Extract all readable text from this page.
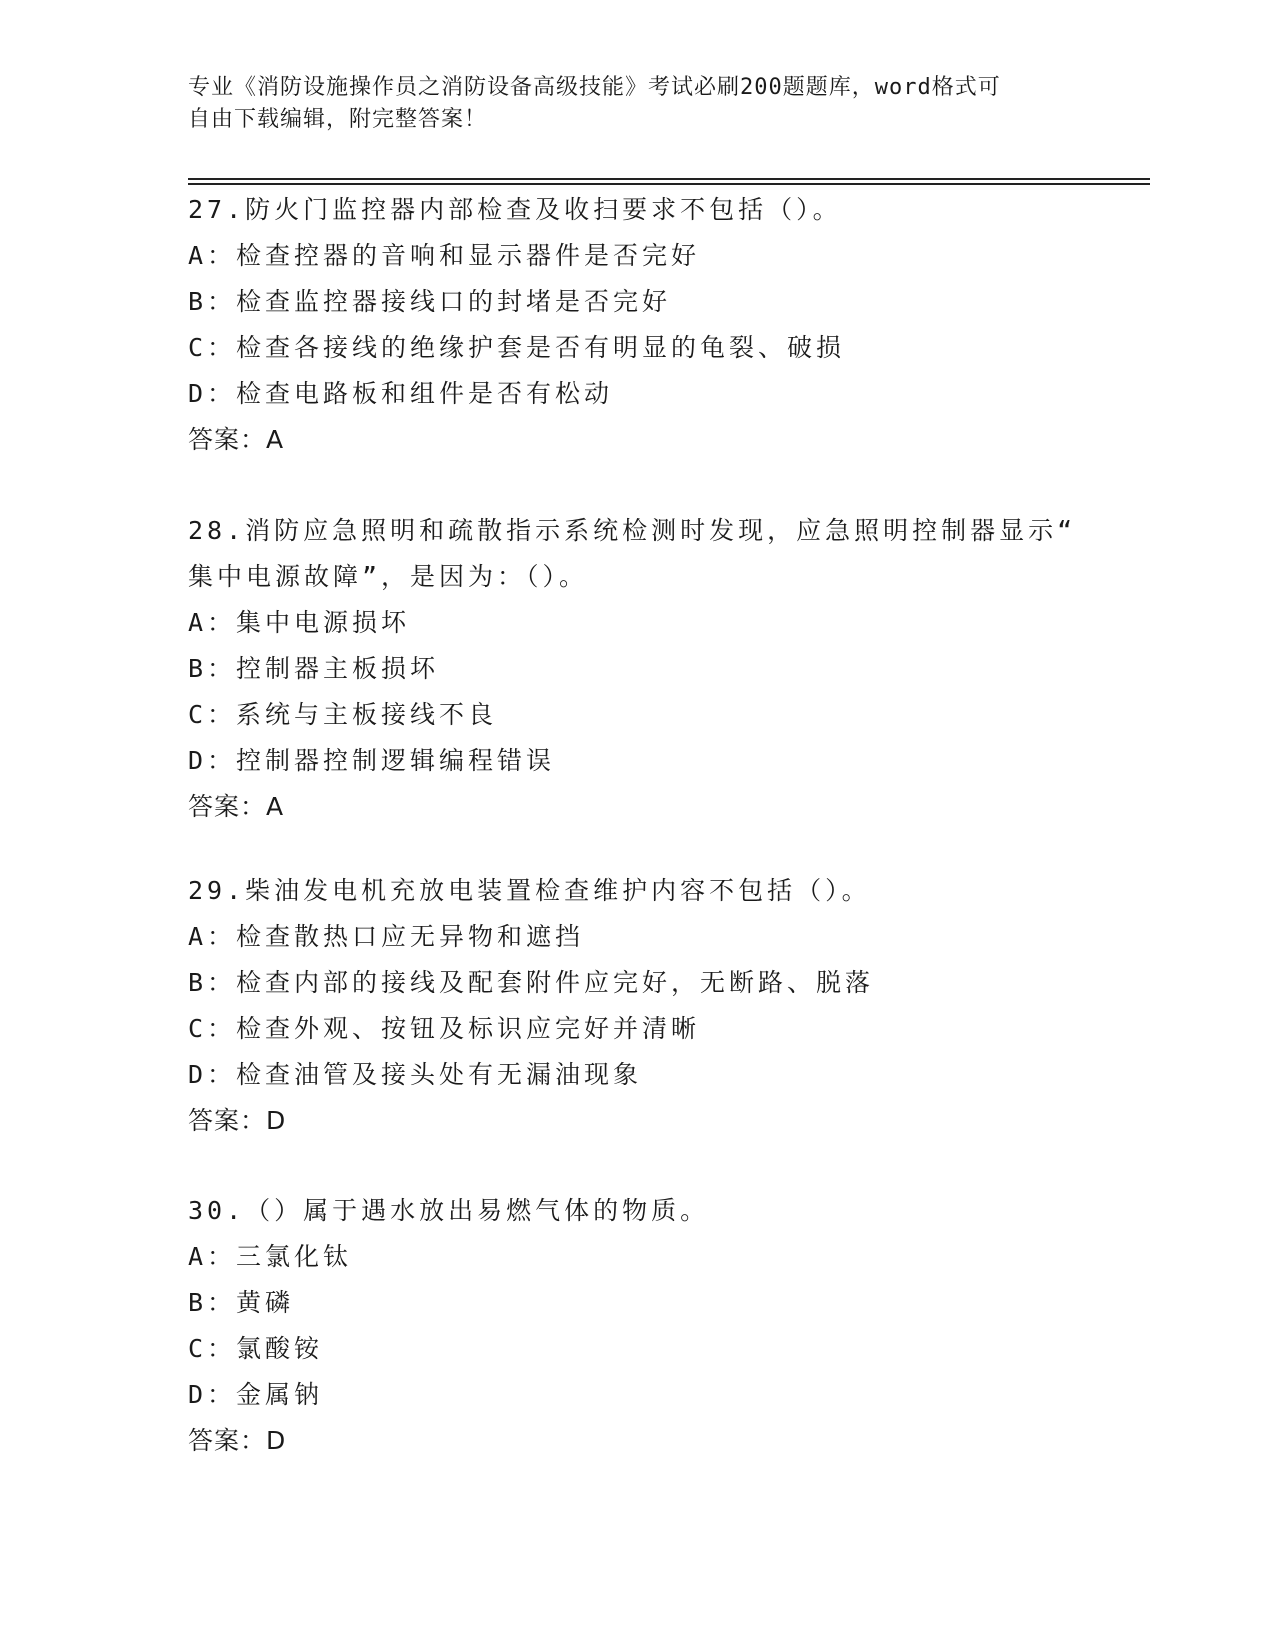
专业《消防设施操作员之消防设备高级技能》考试必刷200题题库，word格式可
自由下载编辑，附完整答案！
27.防火门监控器内部检查及收扫要求不包括（）。
A：检查控器的音响和显示器件是否完好
B：检查监控器接线口的封堵是否完好
C：检查各接线的绝缘护套是否有明显的龟裂、破损
D：检查电路板和组件是否有松动
答案：A
28.消防应急照明和疏散指示系统检测时发现，应急照明控制器显示“
集中电源故障”，是因为：（）。
A：集中电源损坏
B：控制器主板损坏
C：系统与主板接线不良
D：控制器控制逻辑编程错误
答案：A
29.柴油发电机充放电装置检查维护内容不包括（）。
A：检查散热口应无异物和遮挡
B：检查内部的接线及配套附件应完好，无断路、脱落
C：检查外观、按钮及标识应完好并清晰
D：检查油管及接头处有无漏油现象
答案：D
30.（）属于遇水放出易燃气体的物质。
A：三氯化钛
B：黄磷
C：氯酸铵
D：金属钠
答案：D
